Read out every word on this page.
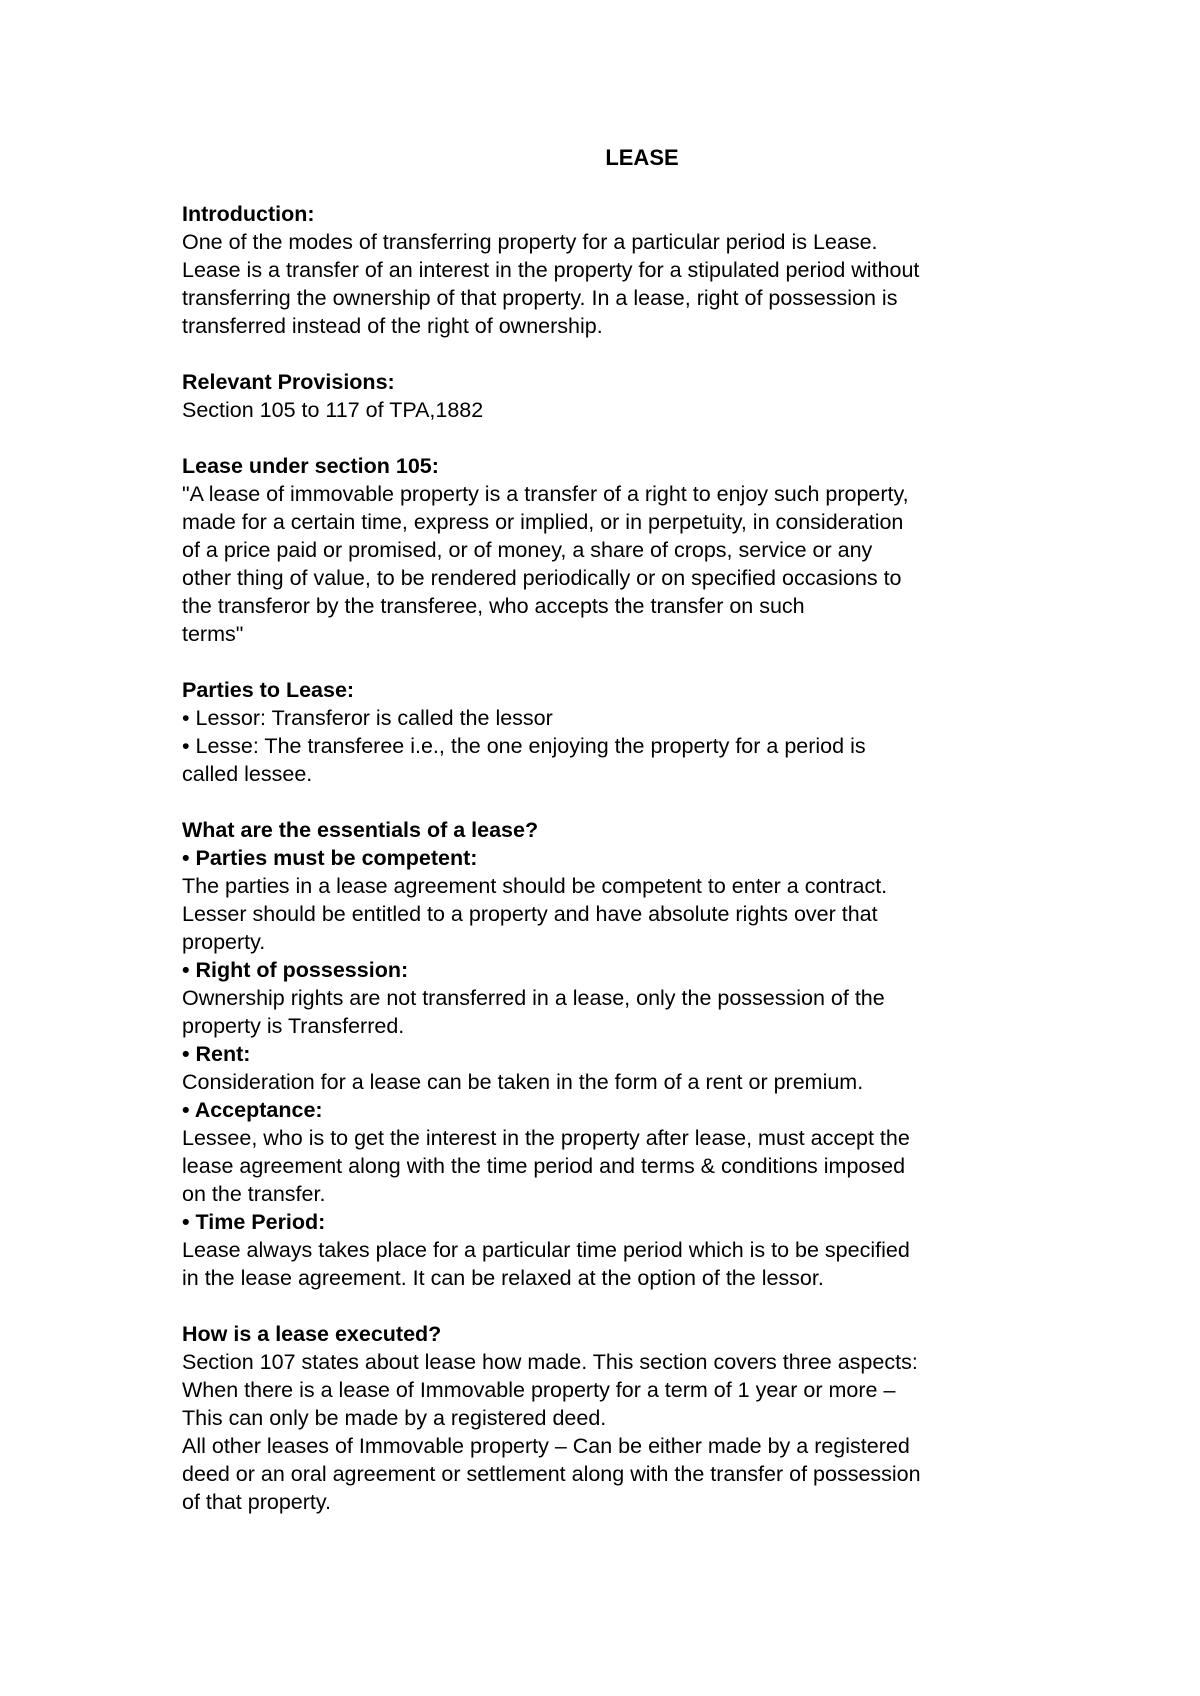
LEASE
Introduction:
One of the modes of transferring property for a particular period is Lease.
Lease is a transfer of an interest in the property for a stipulated period without
transferring the ownership of that property. In a lease, right of possession is
transferred instead of the right of ownership.
Relevant Provisions:
Section 105 to 117 of TPA,1882
Lease under section 105:
"A lease of immovable property is a transfer of a right to enjoy such property,
made for a certain time, express or implied, or in perpetuity, in consideration
of a price paid or promised, or of money, a share of crops, service or any
other thing of value, to be rendered periodically or on specified occasions to
the transferor by the transferee, who accepts the transfer on such
terms"
Parties to Lease:
• Lessor: Transferor is called the lessor
• Lesse: The transferee i.e., the one enjoying the property for a period is
called lessee.
What are the essentials of a lease?
• Parties must be competent:
The parties in a lease agreement should be competent to enter a contract.
Lesser should be entitled to a property and have absolute rights over that
property.
• Right of possession:
Ownership rights are not transferred in a lease, only the possession of the
property is Transferred.
• Rent:
Consideration for a lease can be taken in the form of a rent or premium.
• Acceptance:
Lessee, who is to get the interest in the property after lease, must accept the
lease agreement along with the time period and terms & conditions imposed
on the transfer.
• Time Period:
Lease always takes place for a particular time period which is to be specified
in the lease agreement. It can be relaxed at the option of the lessor.
How is a lease executed?
Section 107 states about lease how made. This section covers three aspects:
When there is a lease of Immovable property for a term of 1 year or more –
This can only be made by a registered deed.
All other leases of Immovable property – Can be either made by a registered
deed or an oral agreement or settlement along with the transfer of possession
of that property.
